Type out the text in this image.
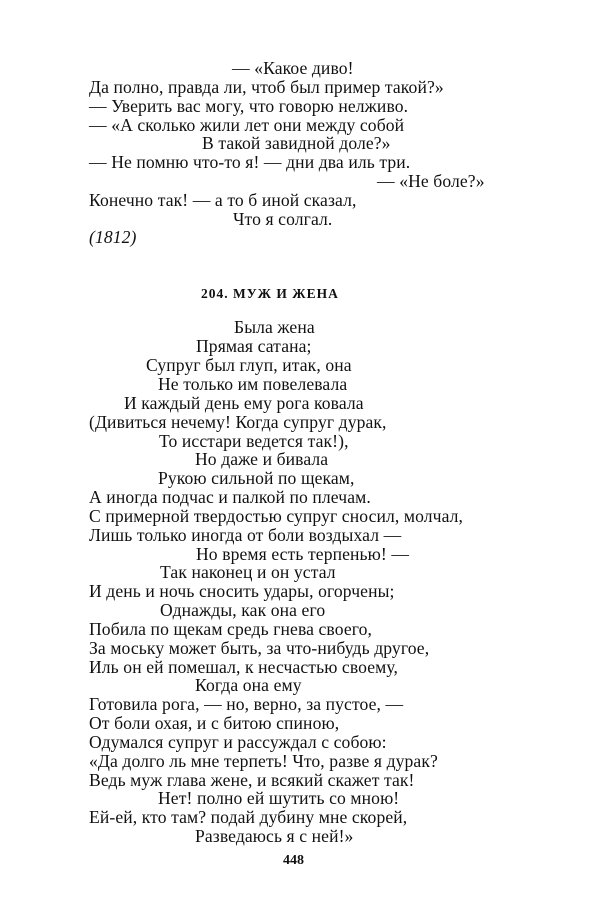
— «Какое диво!
Да полно, правда ли, чтоб был пример такой?»
— Уверить вас могу, что говорю нелживо.
— «А сколько жили лет они между собой
В такой завидной доле?»
— Не помню что-то я! — дни два иль три.
— «Не боле?»
Конечно так! — а то б иной сказал,
Что я солгал.
(1812)
204. МУЖ И ЖЕНА
Была жена
Прямая сатана;
Супруг был глуп, итак, она
Не только им повелевала
И каждый день ему рога ковала
(Дивиться нечему! Когда супруг дурак,
То исстари ведется так!),
Но даже и бивала
Рукою сильной по щекам,
А иногда подчас и палкой по плечам.
С примерной твердостью супруг сносил, молчал,
Лишь только иногда от боли воздыхал —
Но время есть терпенью! —
Так наконец и он устал
И день и ночь сносить удары, огорчены;
Однажды, как она его
Побила по щекам средь гнева своего,
За моську может быть, за что-нибудь другое,
Иль он ей помешал, к несчастью своему,
Когда она ему
Готовила рога, — но, верно, за пустое, —
От боли охая, и с битою спиною,
Одумался супруг и рассуждал с собою:
«Да долго ль мне терпеть! Что, разве я дурак?
Ведь муж глава жене, и всякий скажет так!
Нет! полно ей шутить со мною!
Ей-ей, кто там? подай дубину мне скорей,
Разведаюсь я с ней!»
448
